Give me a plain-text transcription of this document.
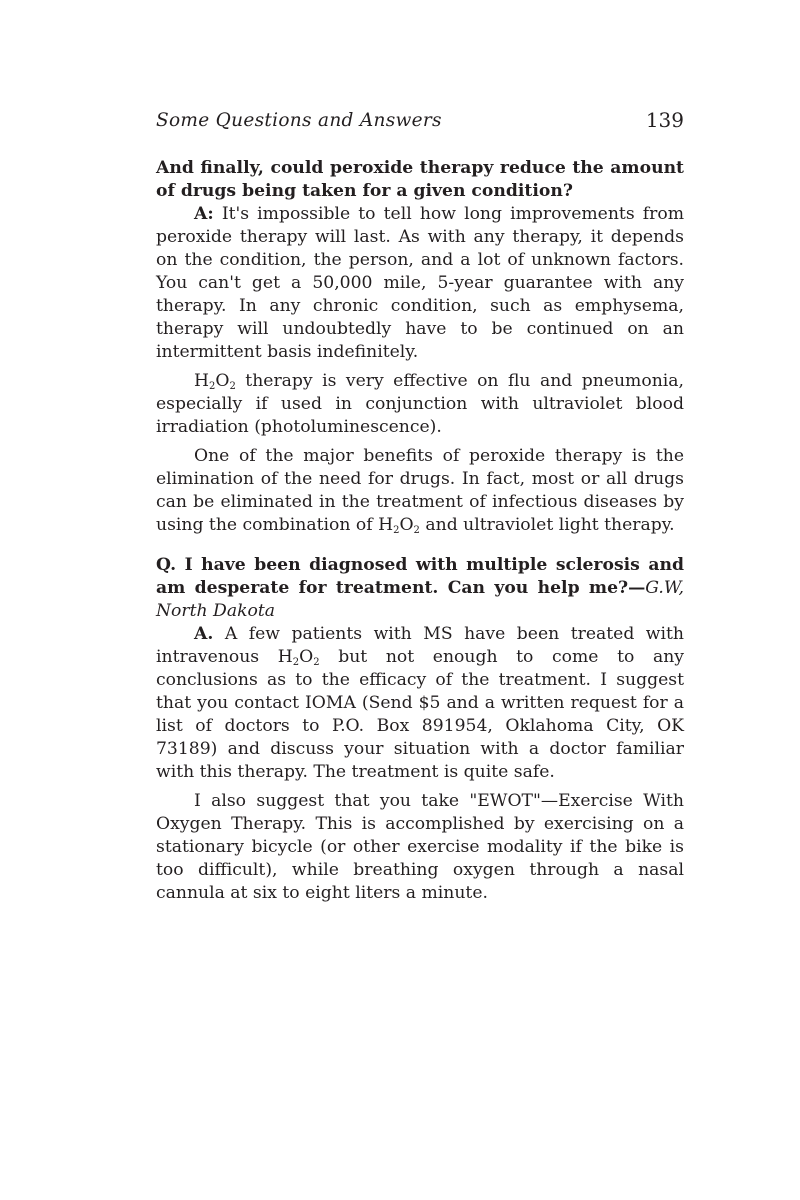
Some Questions and Answers	139

And finally, could peroxide therapy reduce the amount of drugs being taken for a given condition?

A: It's impossible to tell how long improvements from peroxide therapy will last. As with any therapy, it depends on the condition, the person, and a lot of unknown factors. You can't get a 50,000 mile, 5-year guarantee with any therapy. In any chronic condition, such as emphysema, therapy will undoubtedly have to be continued on an intermittent basis indefinitely.

$H_2O_2$ therapy is very effective on flu and pneumonia, especially if used in conjunction with ultraviolet blood irradiation (photoluminescence).

One of the major benefits of peroxide therapy is the elimination of the need for drugs. In fact, most or all drugs can be eliminated in the treatment of infectious diseases by using the combination of $H_2O_2$ and ultraviolet light therapy.

Q. I have been diagnosed with multiple sclerosis and am desperate for treatment. Can you help me?—G.W, North Dakota

A. A few patients with MS have been treated with intravenous $H_2O_2$ but not enough to come to any conclusions as to the efficacy of the treatment. I suggest that you contact IOMA (Send $5 and a written request for a list of doctors to P.O. Box 891954, Oklahoma City, OK 73189) and discuss your situation with a doctor familiar with this therapy. The treatment is quite safe.

I also suggest that you take "EWOT"—Exercise With Oxygen Therapy. This is accomplished by exercising on a stationary bicycle (or other exercise modality if the bike is too difficult), while breathing oxygen through a nasal cannula at six to eight liters a minute.
